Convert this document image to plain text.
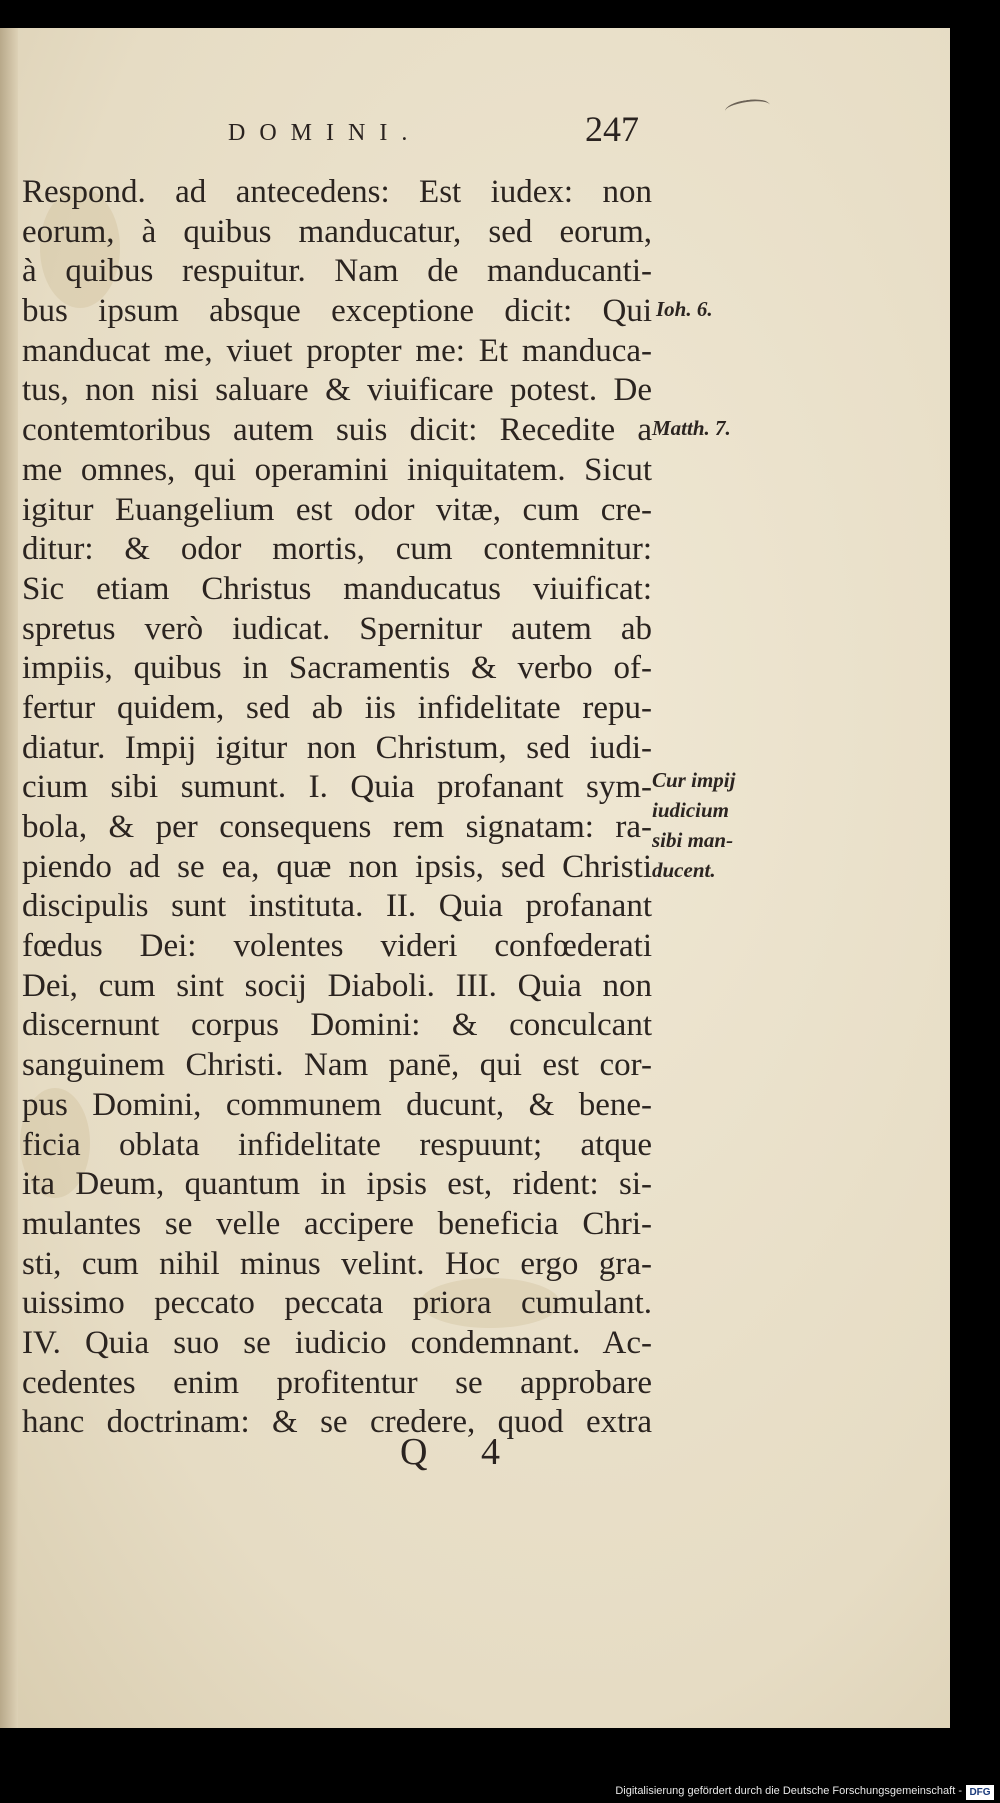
DOMINI.	247
Respond. ad antecedens: Est iudex: non
eorum, à quibus manducatur, sed eorum,
à quibus respuitur. Nam de manducanti-
bus ipsum absque exceptione dicit: Qui
manducat me, viuet propter me: Et manduca-
tus, non nisi saluare & viuificare potest. De
contemtoribus autem suis dicit: Recedite a
me omnes, qui operamini iniquitatem. Sicut
igitur Euangelium est odor vitæ, cum cre-
ditur: & odor mortis, cum contemnitur:
Sic etiam Christus manducatus viuificat:
spretus verò iudicat. Spernitur autem ab
impiis, quibus in Sacramentis & verbo of-
fertur quidem, sed ab iis infidelitate repu-
diatur. Impij igitur non Christum, sed iudi-
cium sibi sumunt. I. Quia profanant sym-
bola, & per consequens rem signatam: ra-
piendo ad se ea, quæ non ipsis, sed Christi
discipulis sunt instituta. II. Quia profanant
fœdus Dei: volentes videri confœderati
Dei, cum sint socij Diaboli. III. Quia non
discernunt corpus Domini: & conculcant
sanguinem Christi. Nam panē, qui est cor-
pus Domini, communem ducunt, & bene-
ficia oblata infidelitate respuunt; atque
ita Deum, quantum in ipsis est, rident: si-
mulantes se velle accipere beneficia Chri-
sti, cum nihil minus velint. Hoc ergo gra-
uissimo peccato peccata priora cumulant.
IV. Quia suo se iudicio condemnant. Ac-
cedentes enim profitentur se approbare
hanc doctrinam: & se credere, quod extra
Ioh. 6.
Matth. 7.
Cur impij
iudicium
sibi man-
ducent.
Q 4
Digitalisierung gefördert durch die Deutsche Forschungsgemeinschaft - DFG
